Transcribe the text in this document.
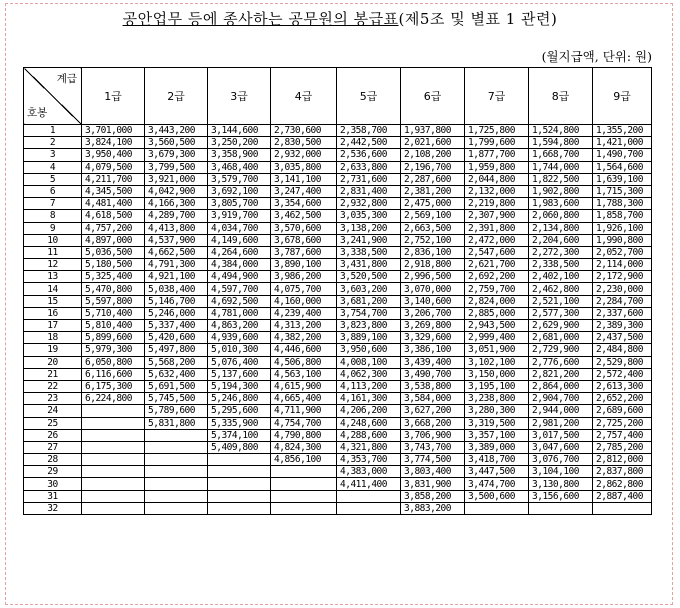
공안업무 등에 종사하는 공무원의 봉급표(제5조 및 별표 1 관련)
(월지급액, 단위: 원)
계급
호봉	1급	2급	3급	4급	5급	6급	7급	8급	9급
1	3,701,000	3,443,200	3,144,600	2,730,600	2,358,700	1,937,800	1,725,800	1,524,800	1,355,200
2	3,824,100	3,560,500	3,250,200	2,830,500	2,442,500	2,021,600	1,799,600	1,594,800	1,421,000
3	3,950,400	3,679,300	3,358,900	2,932,000	2,536,600	2,108,200	1,877,700	1,668,700	1,490,700
4	4,079,500	3,799,500	3,468,400	3,035,800	2,633,800	2,196,700	1,959,800	1,744,000	1,564,600
5	4,211,700	3,921,000	3,579,700	3,141,100	2,731,600	2,287,600	2,044,800	1,822,500	1,639,100
6	4,345,500	4,042,900	3,692,100	3,247,400	2,831,400	2,381,200	2,132,000	1,902,800	1,715,300
7	4,481,400	4,166,300	3,805,700	3,354,600	2,932,800	2,475,000	2,219,800	1,983,600	1,788,300
8	4,618,500	4,289,700	3,919,700	3,462,500	3,035,300	2,569,100	2,307,900	2,060,800	1,858,700
9	4,757,200	4,413,800	4,034,700	3,570,600	3,138,200	2,663,500	2,391,800	2,134,800	1,926,100
10	4,897,000	4,537,900	4,149,600	3,678,600	3,241,900	2,752,100	2,472,000	2,204,600	1,990,800
11	5,036,500	4,662,500	4,264,600	3,787,600	3,338,500	2,836,100	2,547,600	2,272,300	2,052,700
12	5,180,500	4,791,300	4,384,000	3,890,100	3,431,800	2,918,800	2,621,700	2,338,500	2,114,000
13	5,325,400	4,921,100	4,494,900	3,986,200	3,520,500	2,996,500	2,692,200	2,402,100	2,172,900
14	5,470,800	5,038,400	4,597,700	4,075,700	3,603,200	3,070,000	2,759,700	2,462,800	2,230,000
15	5,597,800	5,146,700	4,692,500	4,160,000	3,681,200	3,140,600	2,824,000	2,521,100	2,284,700
16	5,710,400	5,246,000	4,781,000	4,239,400	3,754,700	3,206,700	2,885,000	2,577,300	2,337,600
17	5,810,400	5,337,400	4,863,200	4,313,200	3,823,800	3,269,800	2,943,500	2,629,900	2,389,300
18	5,899,600	5,420,600	4,939,600	4,382,200	3,889,100	3,329,600	2,999,400	2,681,000	2,437,500
19	5,979,300	5,497,800	5,010,300	4,446,600	3,950,600	3,386,100	3,051,900	2,729,900	2,484,800
20	6,050,800	5,568,200	5,076,400	4,506,800	4,008,100	3,439,400	3,102,100	2,776,600	2,529,800
21	6,116,600	5,632,400	5,137,600	4,563,100	4,062,300	3,490,700	3,150,000	2,821,200	2,572,400
22	6,175,300	5,691,500	5,194,300	4,615,900	4,113,200	3,538,800	3,195,100	2,864,000	2,613,300
23	6,224,800	5,745,500	5,246,800	4,665,400	4,161,300	3,584,000	3,238,800	2,904,700	2,652,200
24		5,789,600	5,295,600	4,711,900	4,206,200	3,627,200	3,280,300	2,944,000	2,689,600
25		5,831,800	5,335,900	4,754,700	4,248,600	3,668,200	3,319,500	2,981,200	2,725,200
26			5,374,100	4,790,800	4,288,600	3,706,900	3,357,100	3,017,500	2,757,400
27			5,409,800	4,824,300	4,321,800	3,743,700	3,389,000	3,047,600	2,785,200
28				4,856,100	4,353,700	3,774,500	3,418,700	3,076,700	2,812,000
29					4,383,000	3,803,400	3,447,500	3,104,100	2,837,800
30					4,411,400	3,831,900	3,474,700	3,130,800	2,862,800
31						3,858,200	3,500,600	3,156,600	2,887,400
32						3,883,200			
